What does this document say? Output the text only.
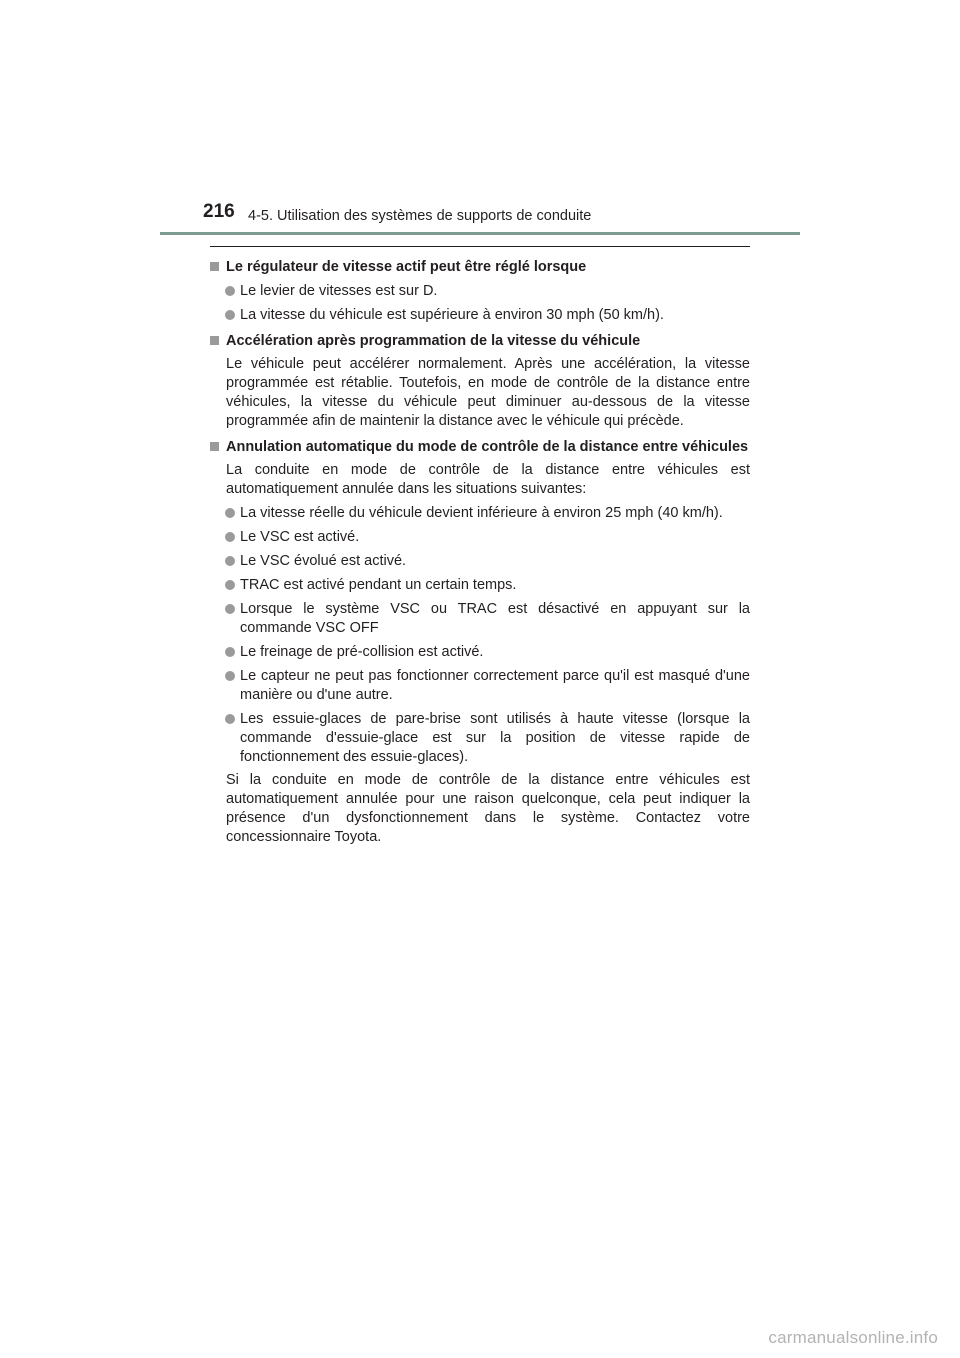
216 4-5. Utilisation des systèmes de supports de conduite
Le régulateur de vitesse actif peut être réglé lorsque
Le levier de vitesses est sur D.
La vitesse du véhicule est supérieure à environ 30 mph (50 km/h).
Accélération après programmation de la vitesse du véhicule
Le véhicule peut accélérer normalement. Après une accélération, la vitesse programmée est rétablie. Toutefois, en mode de contrôle de la distance entre véhicules, la vitesse du véhicule peut diminuer au-dessous de la vitesse programmée afin de maintenir la distance avec le véhicule qui précède.
Annulation automatique du mode de contrôle de la distance entre véhicules
La conduite en mode de contrôle de la distance entre véhicules est automatiquement annulée dans les situations suivantes:
La vitesse réelle du véhicule devient inférieure à environ 25 mph (40 km/h).
Le VSC est activé.
Le VSC évolué est activé.
TRAC est activé pendant un certain temps.
Lorsque le système VSC ou TRAC est désactivé en appuyant sur la commande VSC OFF
Le freinage de pré-collision est activé.
Le capteur ne peut pas fonctionner correctement parce qu'il est masqué d'une manière ou d'une autre.
Les essuie-glaces de pare-brise sont utilisés à haute vitesse (lorsque la commande d'essuie-glace est sur la position de vitesse rapide de fonctionnement des essuie-glaces).
Si la conduite en mode de contrôle de la distance entre véhicules est automatiquement annulée pour une raison quelconque, cela peut indiquer la présence d'un dysfonctionnement dans le système. Contactez votre concessionnaire Toyota.
carmanualsonline.info
